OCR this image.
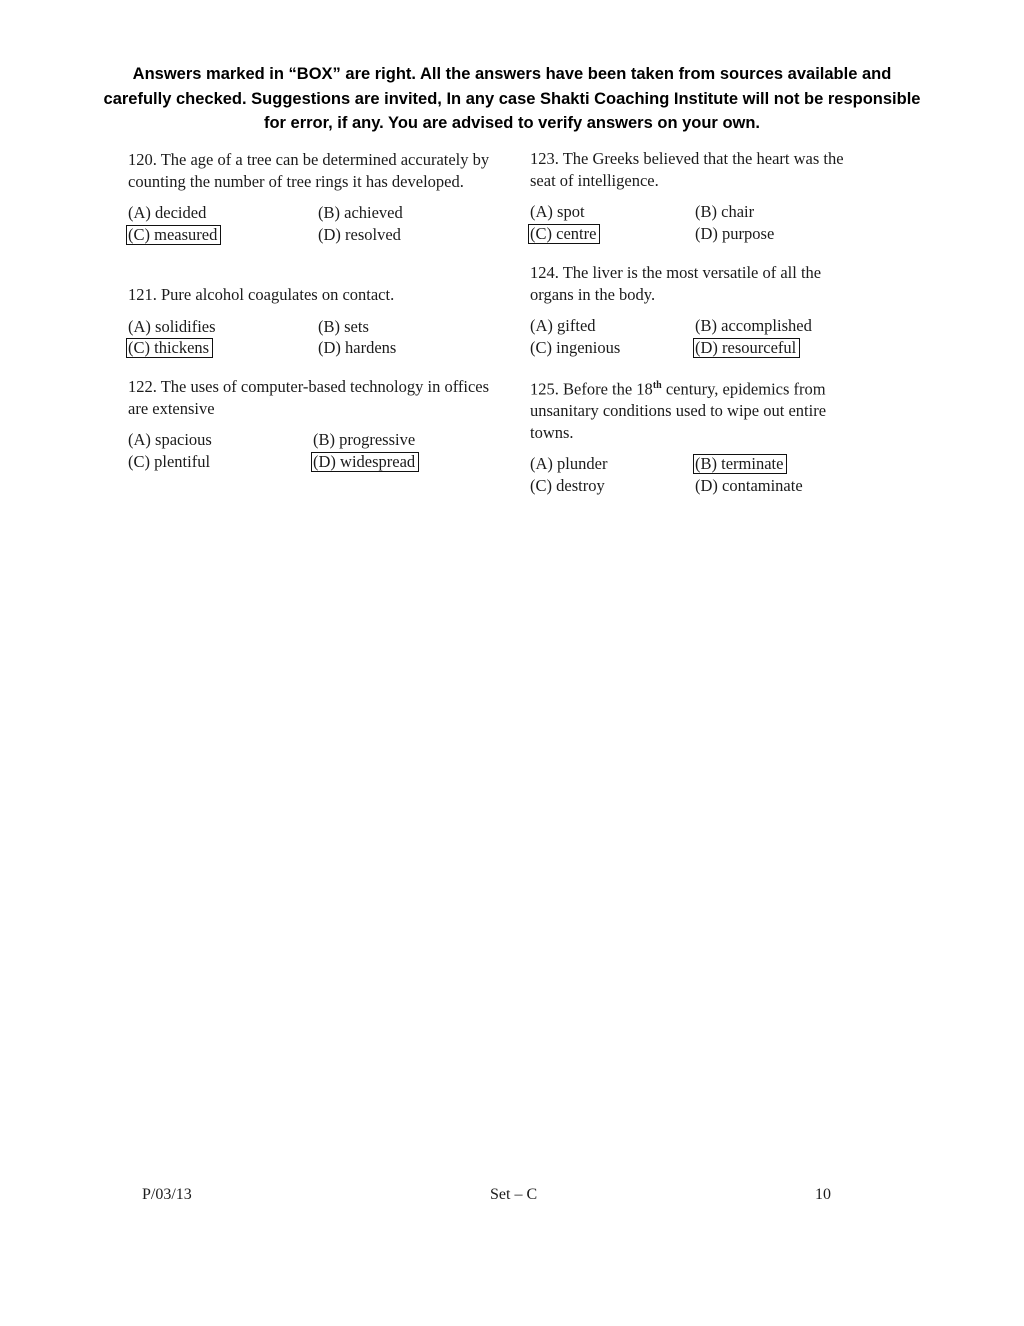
Answers marked in “BOX” are right. All the answers have been taken from sources available and carefully checked. Suggestions are invited, In any case Shakti Coaching Institute will not be responsible for error, if any. You are advised to verify answers on your own.

120. The age of a tree can be determined accurately by counting the number of tree rings it has developed.

(A) decided	(B) achieved
(C) measured	(D) resolved

121. Pure alcohol coagulates on contact.

(A) solidifies	(B) sets
(C) thickens	(D) hardens

122. The uses of computer-based technology in offices are extensive

(A) spacious	(B) progressive
(C) plentiful	(D) widespread

123. The Greeks believed that the heart was the seat of intelligence.

(A) spot	(B) chair
(C) centre	(D) purpose

124. The liver is the most versatile of all the organs in the body.

(A) gifted	(B) accomplished
(C) ingenious	(D) resourceful

125. Before the 18th century, epidemics from unsanitary conditions used to wipe out entire towns.

(A) plunder	(B) terminate
(C) destroy	(D) contaminate
P/03/13	Set – C	10
